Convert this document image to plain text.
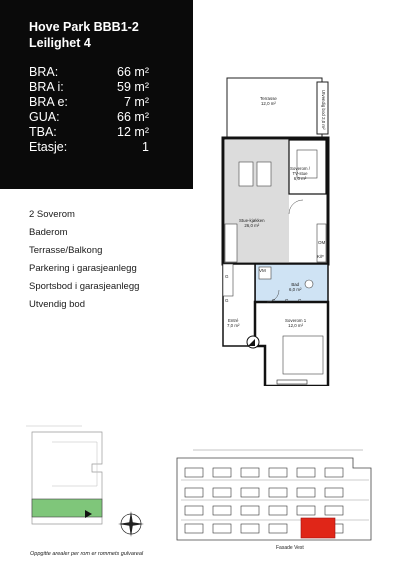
Hove Park BBB1-2
Leilighet 4
BRA:	66 m²
BRA i:	59 m²
BRA e:	7 m²
GUA:	66 m²
TBA:	12 m²
Etasje:	1
2 Soverom
Baderom
Terrasse/Balkong
Parkering i garasjeanlegg
Sportsbod i garasjeanlegg
Utvendig bod
Terrasse
12,0 m²	Utvendig bod 2,0 m²
Soverom /
TV-stue
6,0 m²
Stue-kjøkken
26,0 m²
Bad
6,0 m²
Entré
7,0 m²
Soverom 1
12,0 m²
VM
OM
K/F
G
G	G G G
Oppgitte arealer per rom er rommets gulvareal
Fasade Vest
